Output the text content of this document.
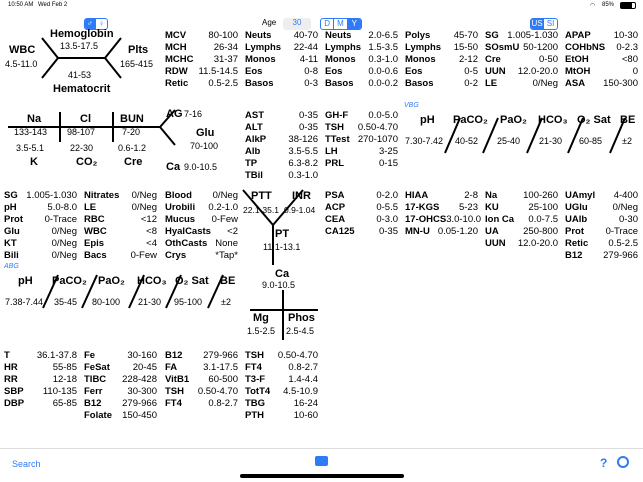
10:50 AM Wed Feb 2	◠ 85%
30
Age
♂ ♀	D M Y	US SI
WBC
4.5-11.0
Hemoglobin
13.5-17.5
41-53
Hematocrit
Plts
165-415
Na
133-143
Cl
98-107
BUN
7-20
3.5-5.1
K
22-30
CO₂
0.6-1.2
Cre
AG 7-16
Glu
70-100
Ca 9.0-10.5
PTT
22.1-35.1
INR
0.9-1.04
PT
11.1-13.1
Ca
9.0-10.5
Mg
1.5-2.5
Phos
2.5-4.5
VBG
pH PaCO₂ PaO₂ HCO₃ O₂ Sat BE
7.30-7.42 40-52 25-40 21-30 60-85 ±2
ABG
pH PaCO₂ PaO₂ HCO₃ O₂ Sat BE
7.38-7.44 35-45 80-100 21-30 95-100 ±2
MCV	80-100
MCH	26-34
MCHC	31-37
RDW	11.5-14.5
Retic	0.5-2.5
Neuts	40-70
Lymphs	22-44
Monos	4-11
Eos	0-8
Basos	0-3
Neuts	2.0-6.5
Lymphs 1.5-3.5
Monos	0.3-1.0
Eos	0.0-0.6
Basos	0.0-0.2
Polys	45-70
Lymphs	15-50
Monos	2-12
Eos	0-5
Basos	0-2
SG 1.005-1.030
SOsmU 50-1200
Cre	0-50
UUN	12.0-20.0
LE	0/Neg
APAP	10-30
COHbNS	0-2.3
EtOH	<80
MtOH	0
ASA	150-300
AST	0-35
ALT	0-35
AlkP	38-126
Alb	3.5-5.5
TP	6.3-8.2
TBil	0.3-1.0
GH-F	0.0-5.0
TSH	0.50-4.70
TTest 270-1070
LH	3-25
PRL	0-15
SG 1.005-1.030
pH	5.0-8.0
Prot	0-Trace
Glu	0/Neg
KT	0/Neg
Bili	0/Neg
Nitrates	0/Neg
LE	0/Neg
RBC	<12
WBC	<8
Epis	<4
Bacs	0-Few
Blood	0/Neg
Urobili	0.2-1.0
Mucus	0-Few
HyalCasts	<2
OthCasts None
Crys	*Tap*
PSA	0-2.0
ACP	0-5.5
CEA	0-3.0
CA125	0-35
HIAA	2-8
17-KGS	5-23
17-OHCS 3.0-10.0
MN-U 0.05-1.20
Na	100-260
KU	25-100
Ion Ca	0.0-7.5
UA	250-800
UUN	12.0-20.0
UAmyl	4-400
UGlu	0/Neg
UAlb	0-30
Prot	0-Trace
Retic	0.5-2.5
B12	279-966
T	36.1-37.8
HR	55-85
RR	12-18
SBP	110-135
DBP	65-85
Fe	30-160
FeSat	20-45
TIBC	228-428
Ferr	30-300
B12	279-966
Folate	150-450
B12	279-966
FA	3.1-17.5
VitB1	60-500
TSH	0.50-4.70
FT4	0.8-2.7
TSH	0.50-4.70
FT4	0.8-2.7
T3-F	1.4-4.4
TotT4	4.5-10.9
TBG	16-24
PTH	10-60
Search	?
